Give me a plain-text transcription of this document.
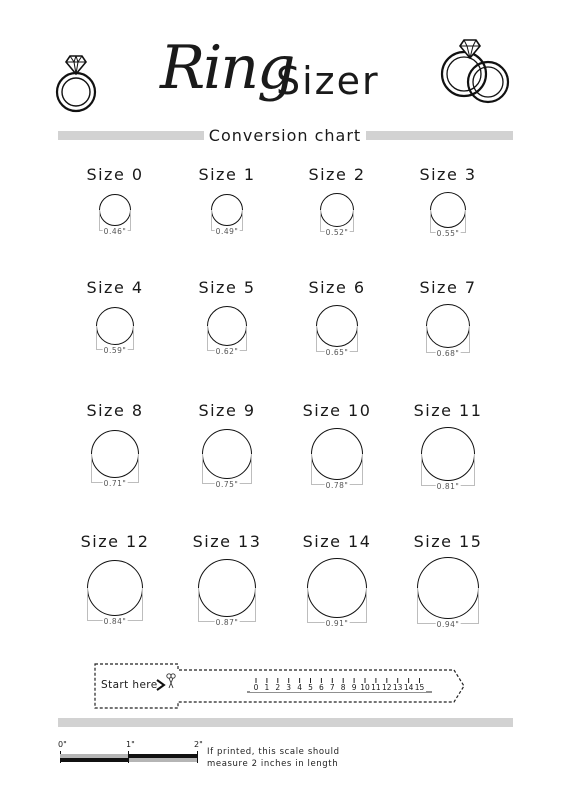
Ring
Sizer
Conversion chart
Size 0
0.46"
Size 1
0.49"
Size 2
0.52"
Size 3
0.55"
Size 4
0.59"
Size 5
0.62"
Size 6
0.65"
Size 7
0.68"
Size 8
0.71"
Size 9
0.75"
Size 10
0.78"
Size 11
0.81"
Size 12
0.84"
Size 13
0.87"
Size 14
0.91"
Size 15
0.94"
Start here	0 1 2 3 4 5 6 7 8 9 10 11 12 13 14 15
0"	1"	2"
If printed, this scale should measure 2 inches in length
